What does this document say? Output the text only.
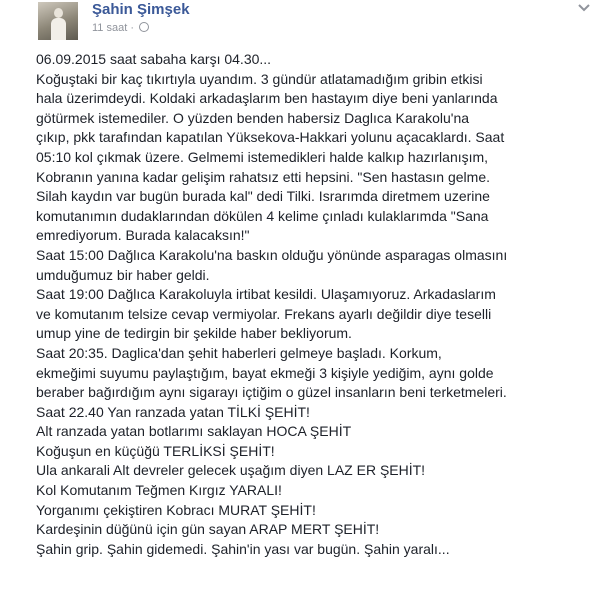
Şahin Şimşek
11 saat ·
06.09.2015 saat sabaha karşı 04.30...
Koğuştaki bir kaç tıkırtıyla uyandım. 3 gündür atlatamadığım gribin etkisi
hala üzerimdeydi. Koldaki arkadaşlarım ben hastayım diye beni yanlarında
götürmek istemediler. O yüzden benden habersiz Daglıca Karakolu'na
çıkıp, pkk tarafından kapatılan Yüksekova-Hakkari yolunu açacaklardı. Saat
05:10 kol çıkmak üzere. Gelmemi istemedikleri halde kalkıp hazırlanışım,
Kobranın yanına kadar gelişim rahatsız etti hepsini. "Sen hastasın gelme.
Silah kaydın var bugün burada kal" dedi Tilki. Israrımda diretmem uzerine
komutanımın dudaklarından dökülen 4 kelime çınladı kulaklarımda "Sana
emrediyorum. Burada kalacaksın!"
Saat 15:00 Dağlıca Karakolu'na baskın olduğu yönünde asparagas olmasını
umduğumuz bir haber geldi.
Saat 19:00 Dağlıca Karakoluyla irtibat kesildi. Ulaşamıyoruz. Arkadaslarım
ve komutanım telsize cevap vermiyolar. Frekans ayarlı değildir diye teselli
umup yine de tedirgin bir şekilde haber bekliyorum.
Saat 20:35. Daglica'dan şehit haberleri gelmeye başladı. Korkum,
ekmeğimi suyumu paylaştığım, bayat ekmeği 3 kişiyle yediğim, aynı golde
beraber bağırdığım aynı sigarayı içtiğim o güzel insanların beni terketmeleri.
Saat 22.40 Yan ranzada yatan TİLKİ ŞEHİT!
Alt ranzada yatan botlarımı saklayan HOCA ŞEHİT
Koğuşun en küçüğü TERLİKSİ ŞEHİT!
Ula ankarali Alt devreler gelecek uşağım diyen LAZ ER ŞEHİT!
Kol Komutanım Teğmen Kırgız YARALI!
Yorganımı çekiştiren Kobracı MURAT ŞEHİT!
Kardeşinin düğünü için gün sayan ARAP MERT ŞEHİT!
Şahin grip. Şahin gidemedi. Şahin'in yası var bugün. Şahin yaralı...
